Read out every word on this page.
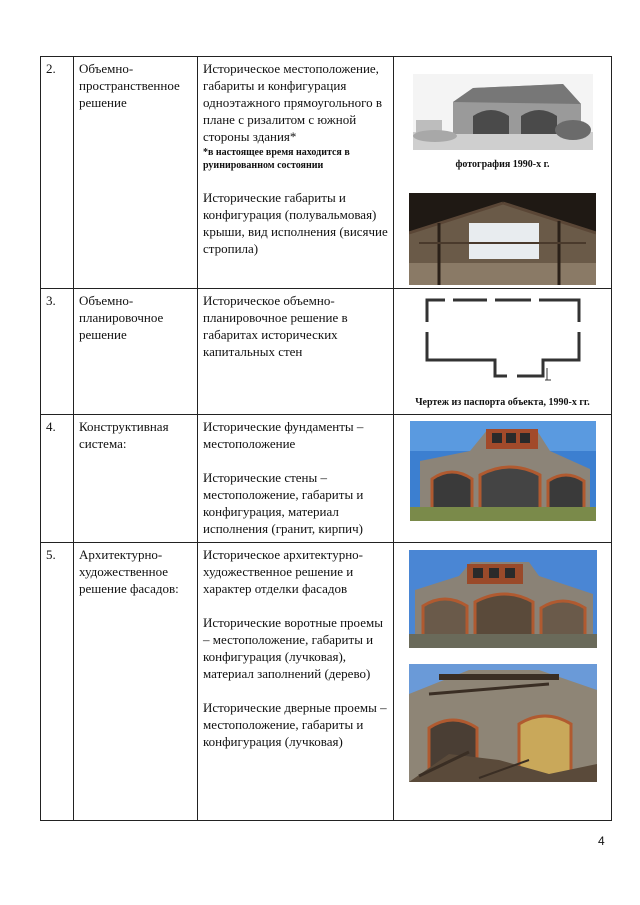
2.	Объемно-пространственное решение	Историческое местоположение, габариты и конфигурация одноэтажного прямоугольного в плане с ризалитом с южной стороны здания*
*в настоящее время находится в руинированном состоянии
Исторические габариты и конфигурация (полувальмовая) крыши, вид исполнения (висячие стропила)	фотография 1990-х г.

3.	Объемно-планировочное решение	Историческое объемно-планировочное решение в габаритах исторических капитальных стен	Чертеж из паспорта объекта, 1990-х гг.

4.	Конструктивная система:	Исторические фундаменты – местоположение
Исторические стены – местоположение, габариты и конфигурация, материал исполнения (гранит, кирпич)

5.	Архитектурно-художественное решение фасадов:	Историческое архитектурно-художественное решение и характер отделки фасадов
Исторические воротные проемы – местоположение, габариты и конфигурация (лучковая), материал заполнений (дерево)
Исторические дверные проемы – местоположение, габариты и конфигурация (лучковая)

4
